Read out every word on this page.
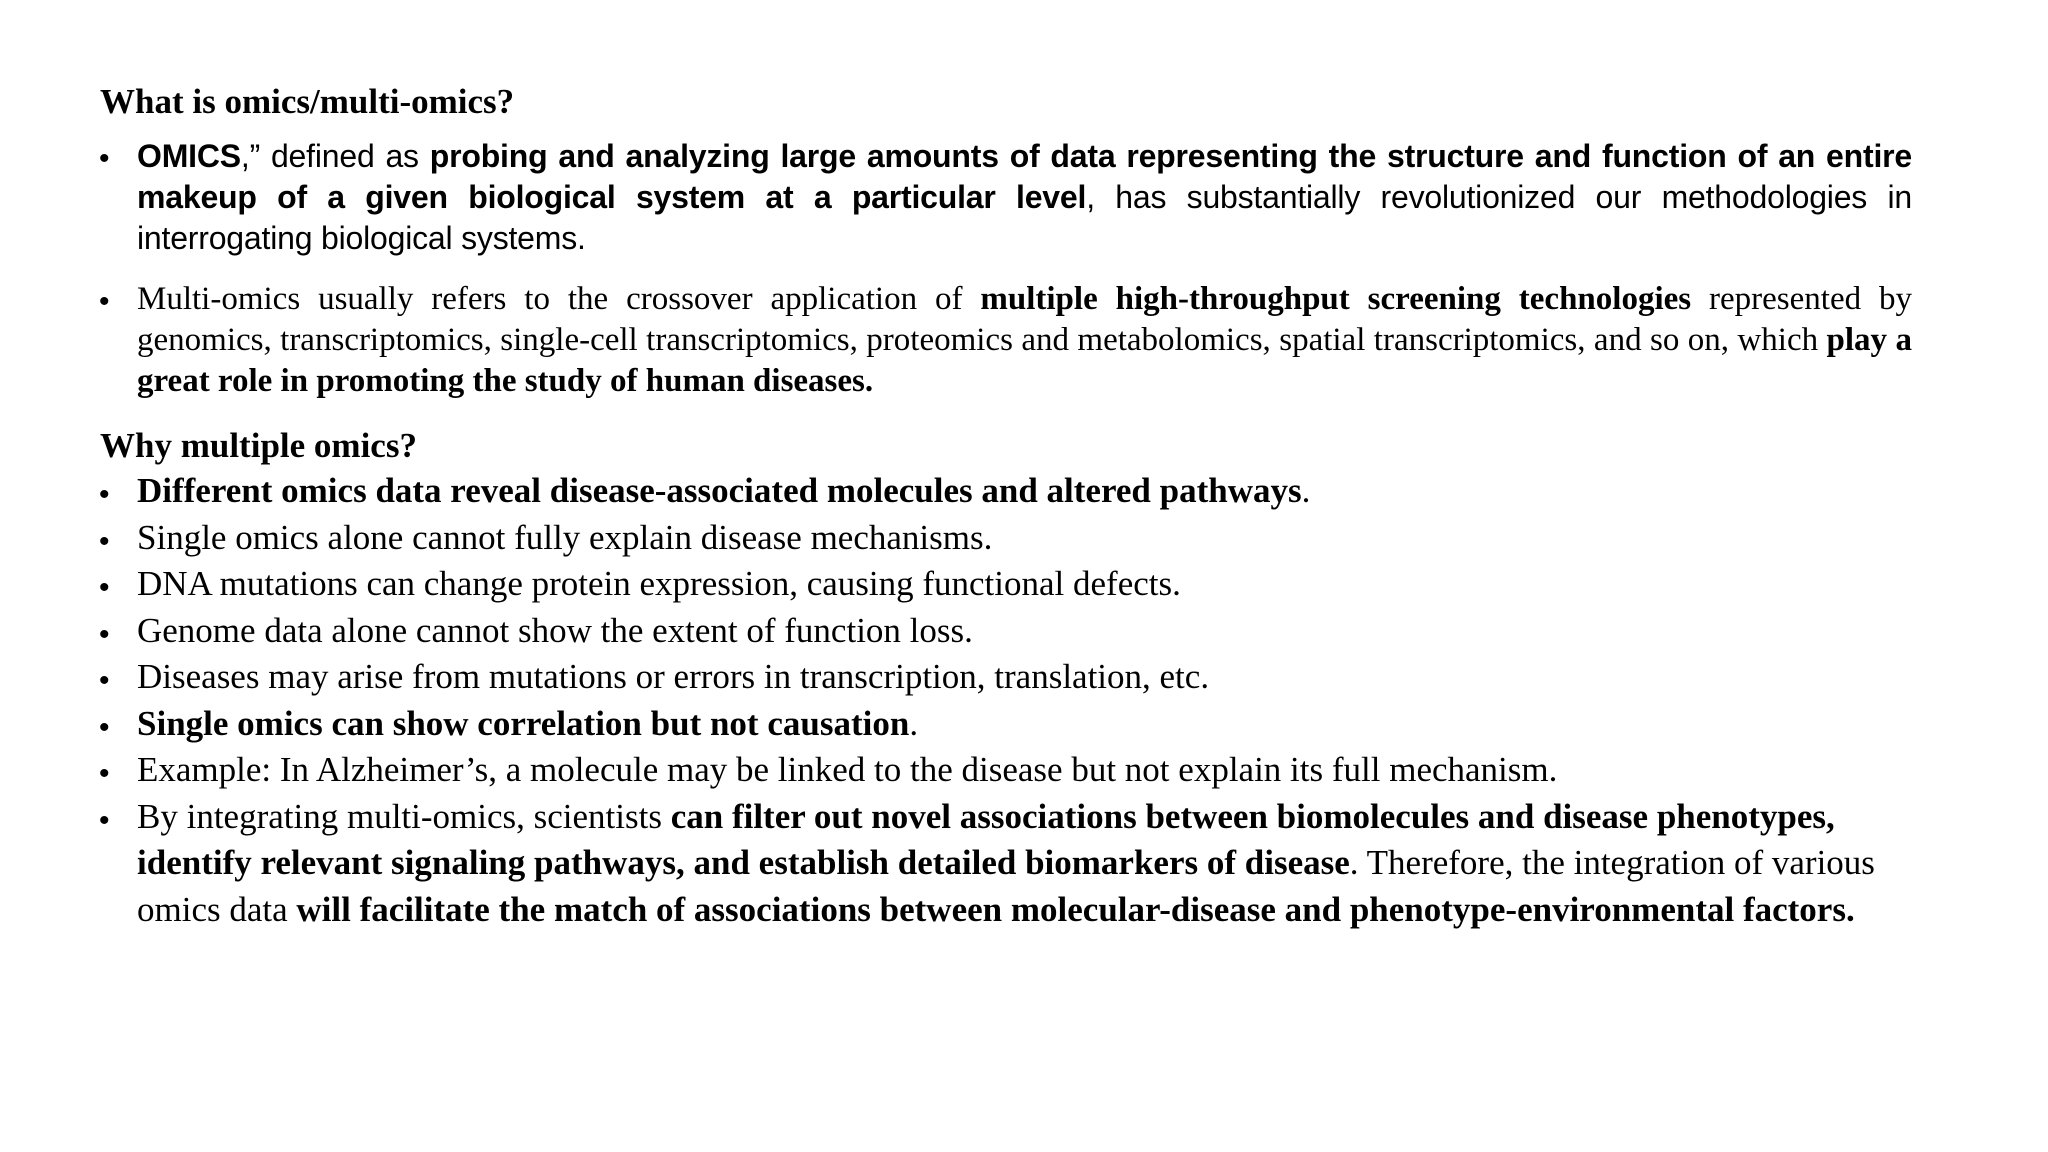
What is omics/multi-omics?
• OMICS,” defined as probing and analyzing large amounts of data representing the structure and function of an entire makeup of a given biological system at a particular level, has substantially revolutionized our methodologies in interrogating biological systems.
• Multi-omics usually refers to the crossover application of multiple high-throughput screening technologies represented by genomics, transcriptomics, single-cell transcriptomics, proteomics and metabolomics, spatial transcriptomics, and so on, which play a great role in promoting the study of human diseases.
Why multiple omics?
• Different omics data reveal disease-associated molecules and altered pathways.
• Single omics alone cannot fully explain disease mechanisms.
• DNA mutations can change protein expression, causing functional defects.
• Genome data alone cannot show the extent of function loss.
• Diseases may arise from mutations or errors in transcription, translation, etc.
• Single omics can show correlation but not causation.
• Example: In Alzheimer’s, a molecule may be linked to the disease but not explain its full mechanism.
• By integrating multi-omics, scientists can filter out novel associations between biomolecules and disease phenotypes, identify relevant signaling pathways, and establish detailed biomarkers of disease. Therefore, the integration of various omics data will facilitate the match of associations between molecular-disease and phenotype-environmental factors.
